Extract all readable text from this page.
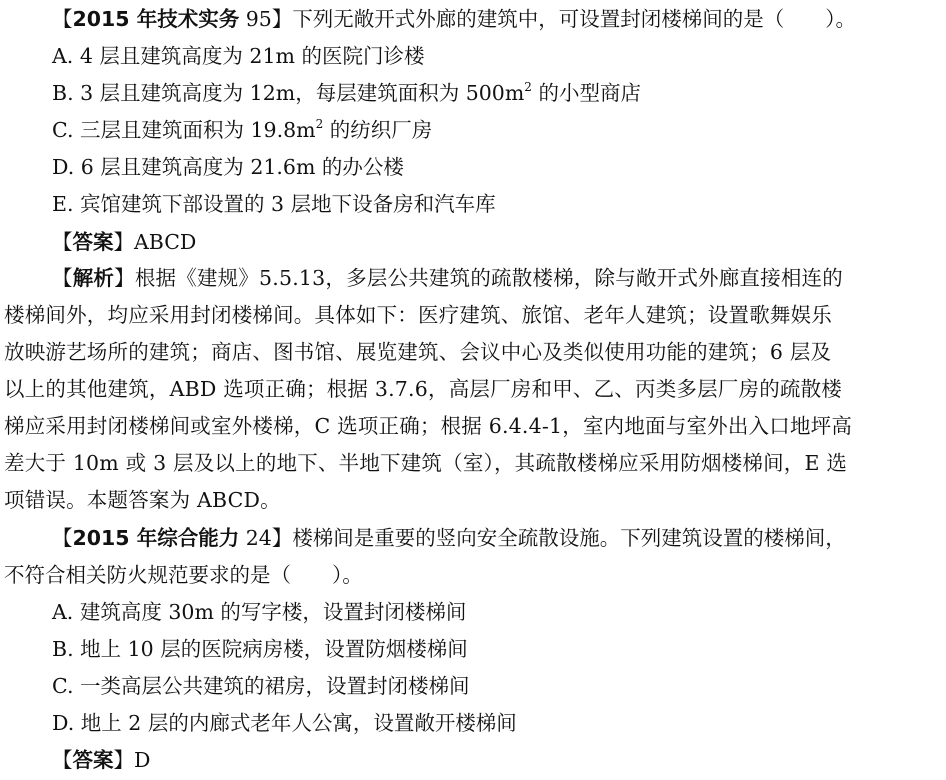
【2015 年技术实务 95】下列无敞开式外廊的建筑中，可设置封闭楼梯间的是（　　）。
A. 4 层且建筑高度为 21m 的医院门诊楼
B. 3 层且建筑高度为 12m，每层建筑面积为 $500m^2$ 的小型商店
C. 三层且建筑面积为 $19.8m^2$ 的纺织厂房
D. 6 层且建筑高度为 21.6m 的办公楼
E. 宾馆建筑下部设置的 3 层地下设备房和汽车库
【答案】ABCD
【解析】根据《建规》5.5.13，多层公共建筑的疏散楼梯，除与敞开式外廊直接相连的
楼梯间外，均应采用封闭楼梯间。具体如下：医疗建筑、旅馆、老年人建筑；设置歌舞娱乐
放映游艺场所的建筑；商店、图书馆、展览建筑、会议中心及类似使用功能的建筑；6 层及
以上的其他建筑，ABD 选项正确；根据 3.7.6，高层厂房和甲、乙、丙类多层厂房的疏散楼
梯应采用封闭楼梯间或室外楼梯，C 选项正确；根据 6.4.4-1，室内地面与室外出入口地坪高
差大于 10m 或 3 层及以上的地下、半地下建筑（室），其疏散楼梯应采用防烟楼梯间，E 选
项错误。本题答案为 ABCD。
【2015 年综合能力 24】楼梯间是重要的竖向安全疏散设施。下列建筑设置的楼梯间，
不符合相关防火规范要求的是（　　）。
A. 建筑高度 30m 的写字楼，设置封闭楼梯间
B. 地上 10 层的医院病房楼，设置防烟楼梯间
C. 一类高层公共建筑的裙房，设置封闭楼梯间
D. 地上 2 层的内廊式老年人公寓，设置敞开楼梯间
【答案】D
